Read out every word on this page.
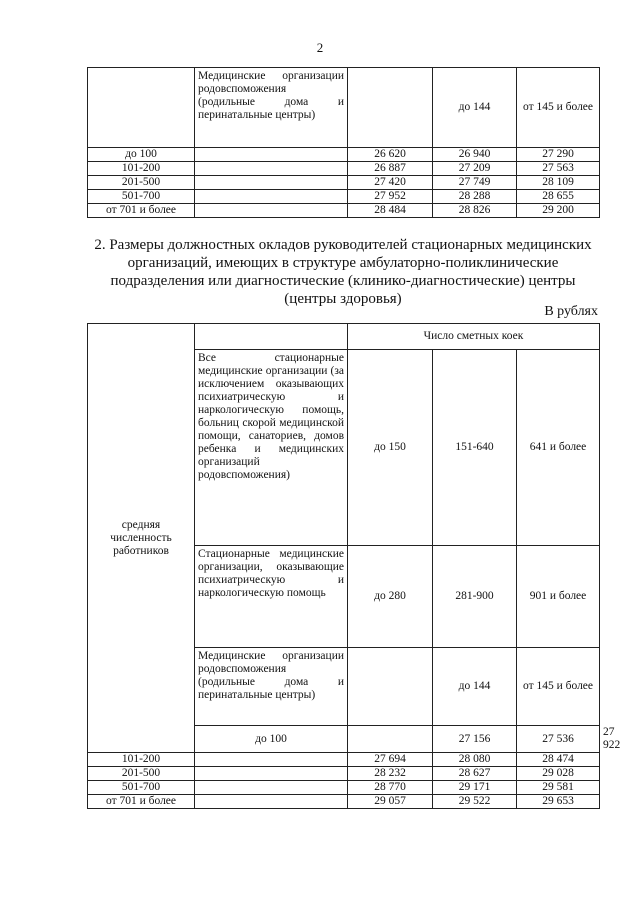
2
	Медицинские организации родовспоможения (родильные дома и перинатальные центры)		до 144	от 145 и более
до 100		26 620	26 940	27 290
101-200		26 887	27 209	27 563
201-500		27 420	27 749	28 109
501-700		27 952	28 288	28 655
от 701 и более		28 484	28 826	29 200
2. Размеры должностных окладов руководителей стационарных медицинских организаций, имеющих в структуре амбулаторно-поликлинические подразделения или диагностические (клинико-диагностические) центры (центры здоровья)
В рублях
средняя численность работников		Число сметных коек			
	Все стационарные медицинские организации (за исключением оказывающих психиатрическую и наркологическую помощь, больниц скорой медицинской помощи, санаториев, домов ребенка и медицинских организаций родовспоможения)	до 150	151-640	641 и более	
	Стационарные медицинские организации, оказывающие психиатрическую и наркологическую помощь	до 280	281-900	901 и более	
	Медицинские организации родовспоможения (родильные дома и перинатальные центры)		до 144	от 145 и более	
	до 100		27 156	27 536	27 922
101-200		27 694	28 080	28 474	
201-500		28 232	28 627	29 028	
501-700		28 770	29 171	29 581	
от 701 и более		29 057	29 522	29 653	
